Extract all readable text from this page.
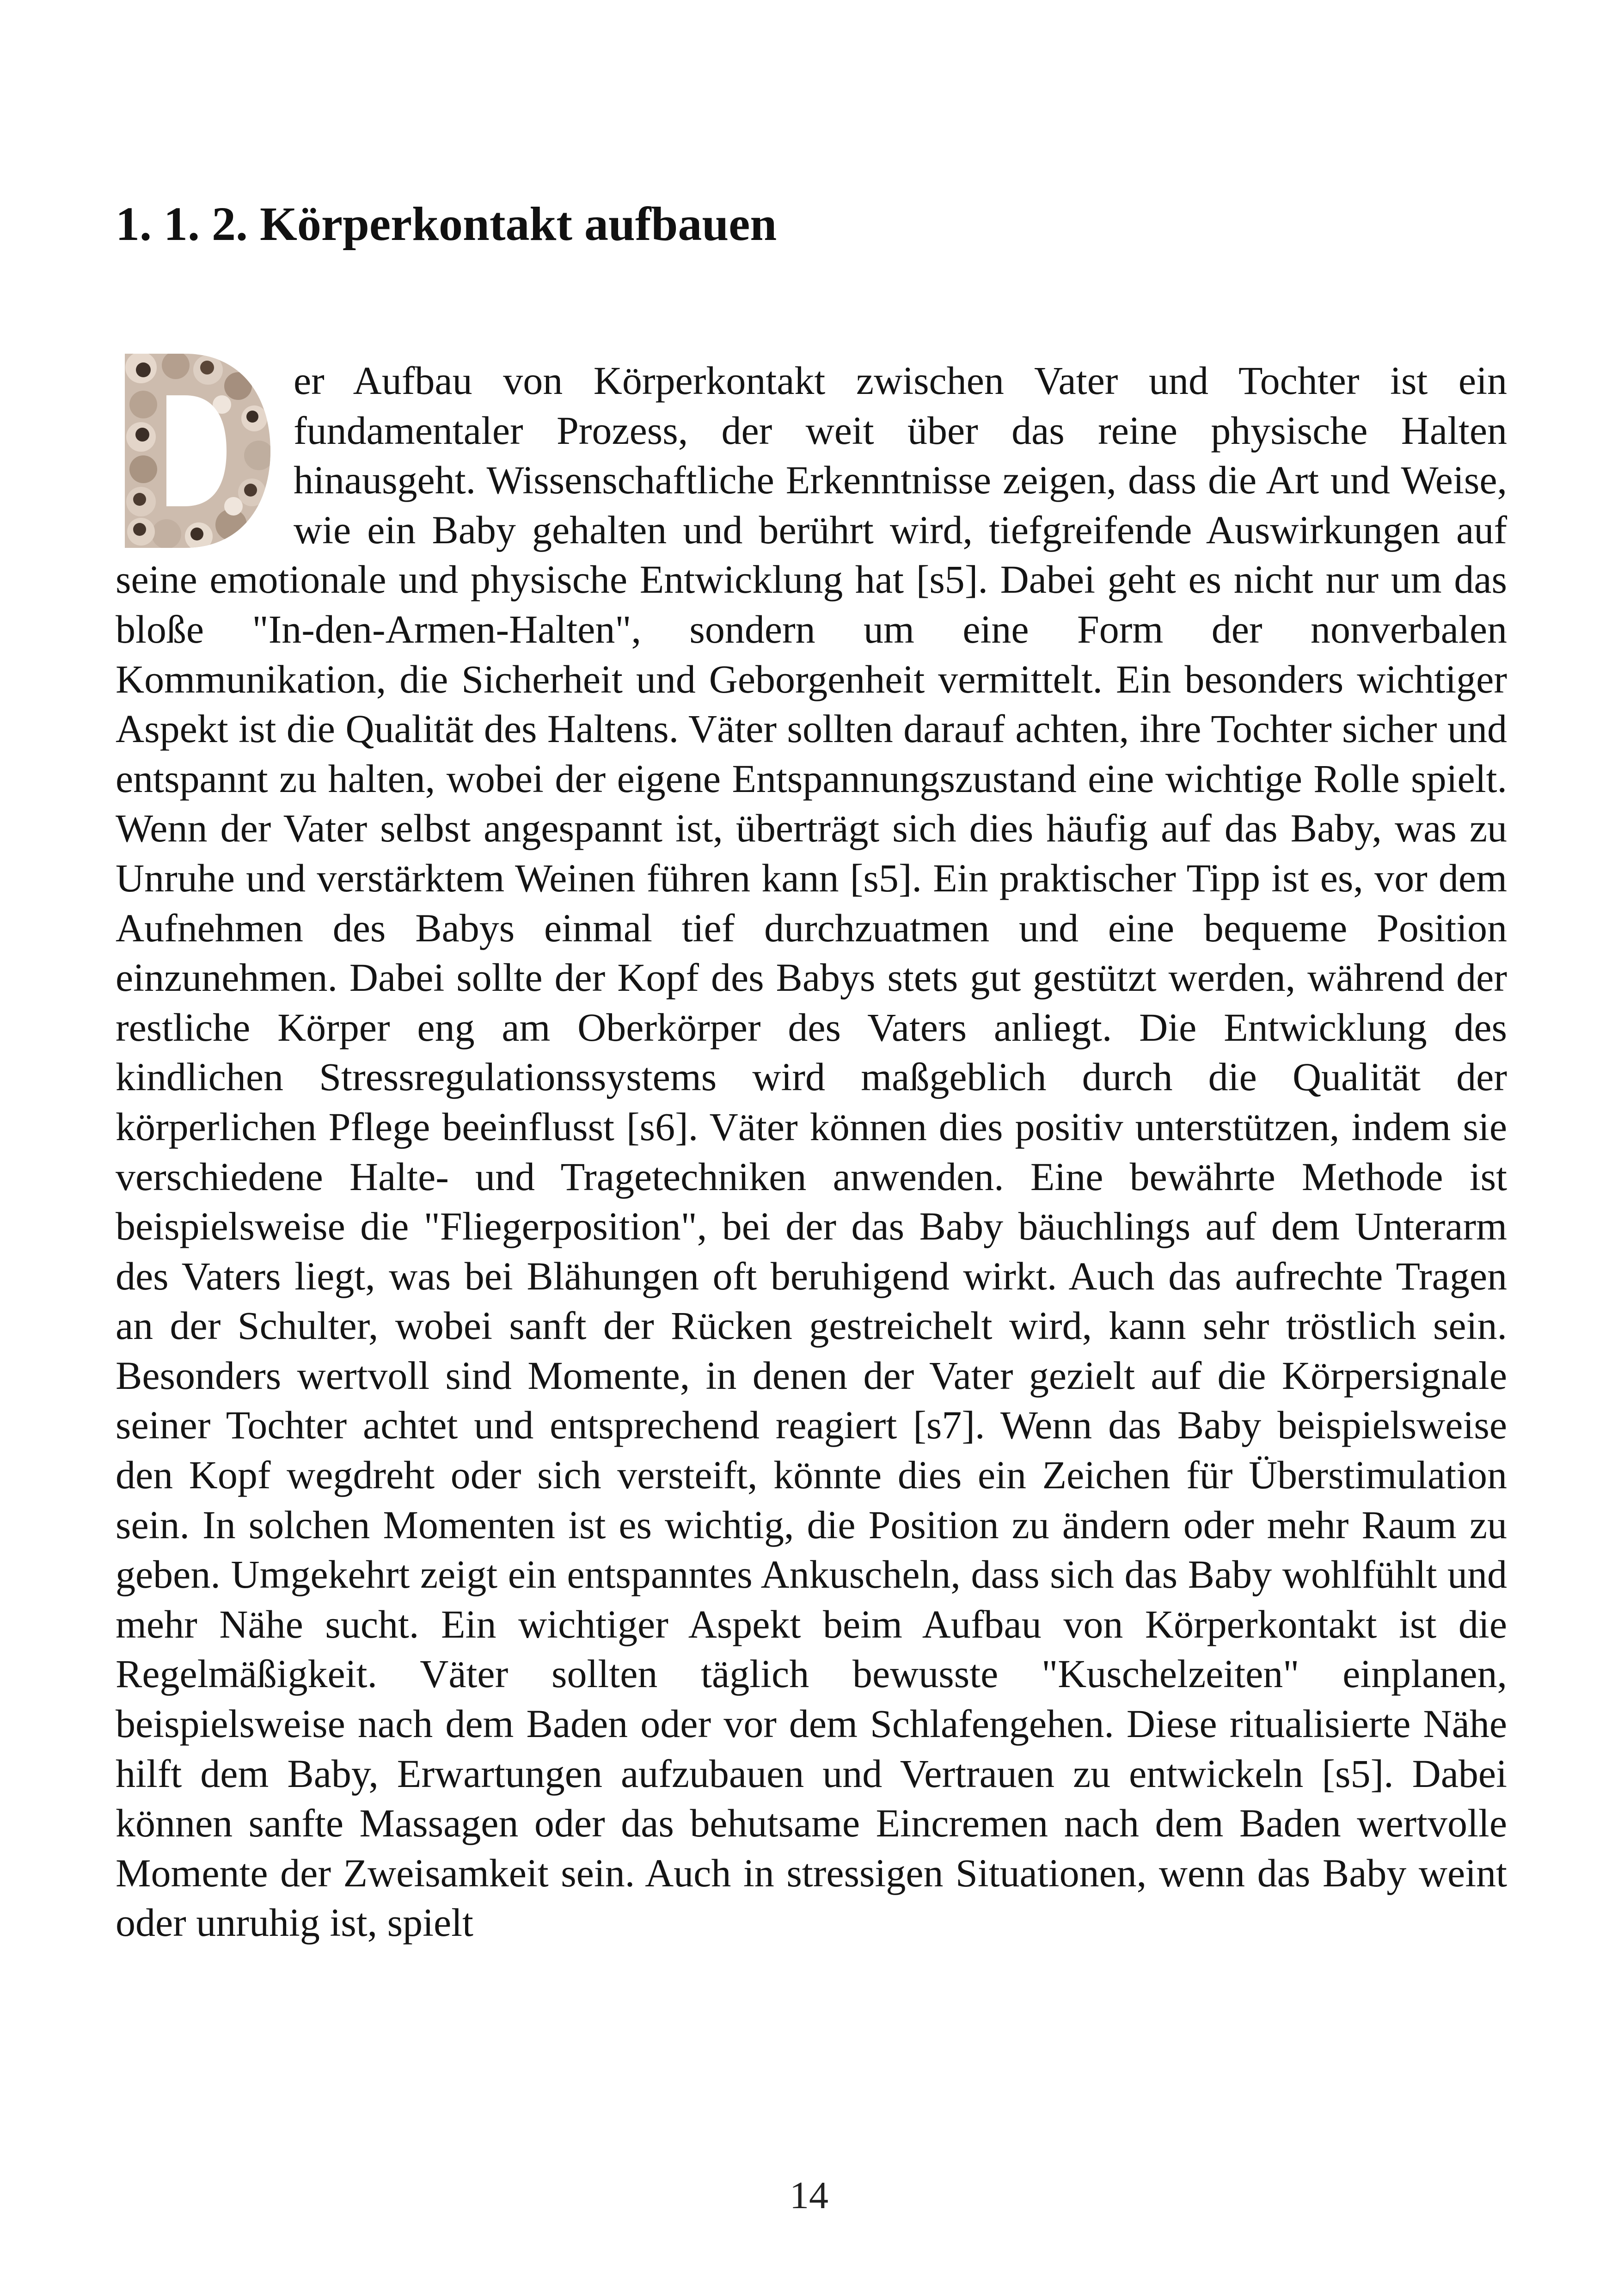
1. 1. 2. Körperkontakt aufbauen
er Aufbau von Körperkontakt zwischen Vater und Tochter ist ein fundamentaler Prozess, der weit über das reine physische Halten hinausgeht. Wissenschaftliche Erkenntnisse zeigen, dass die Art und Weise, wie ein Baby gehalten und berührt wird, tiefgreifende Auswirkungen auf seine emotionale und physische Entwicklung hat [s5]. Dabei geht es nicht nur um das bloße "In-den-Armen-Halten", sondern um eine Form der nonverbalen Kommunikation, die Sicherheit und Geborgenheit vermittelt. Ein besonders wichtiger Aspekt ist die Qualität des Haltens. Väter sollten darauf achten, ihre Tochter sicher und entspannt zu halten, wobei der eigene Entspannungszustand eine wichtige Rolle spielt. Wenn der Vater selbst angespannt ist, überträgt sich dies häufig auf das Baby, was zu Unruhe und verstärktem Weinen führen kann [s5]. Ein praktischer Tipp ist es, vor dem Aufnehmen des Babys einmal tief durchzuatmen und eine bequeme Position einzunehmen. Dabei sollte der Kopf des Babys stets gut gestützt werden, während der restliche Körper eng am Oberkörper des Vaters anliegt. Die Entwicklung des kindlichen Stressregulationssystems wird maßgeblich durch die Qualität der körperlichen Pflege beeinflusst [s6]. Väter können dies positiv unterstützen, indem sie verschiedene Halte- und Tragetechniken anwenden. Eine bewährte Methode ist beispielsweise die "Fliegerposition", bei der das Baby bäuchlings auf dem Unterarm des Vaters liegt, was bei Blähungen oft beruhigend wirkt. Auch das aufrechte Tragen an der Schulter, wobei sanft der Rücken gestreichelt wird, kann sehr tröstlich sein. Besonders wertvoll sind Momente, in denen der Vater gezielt auf die Körpersignale seiner Tochter achtet und entsprechend reagiert [s7]. Wenn das Baby beispielsweise den Kopf wegdreht oder sich versteift, könnte dies ein Zeichen für Überstimulation sein. In solchen Momenten ist es wichtig, die Position zu ändern oder mehr Raum zu geben. Umgekehrt zeigt ein entspanntes Ankuscheln, dass sich das Baby wohlfühlt und mehr Nähe sucht. Ein wichtiger Aspekt beim Aufbau von Körperkontakt ist die Regelmäßigkeit. Väter sollten täglich bewusste "Kuschelzeiten" einplanen, beispielsweise nach dem Baden oder vor dem Schlafengehen. Diese ritualisierte Nähe hilft dem Baby, Erwartungen aufzubauen und Vertrauen zu entwickeln [s5]. Dabei können sanfte Massagen oder das behutsame Eincremen nach dem Baden wertvolle Momente der Zweisamkeit sein. Auch in stressigen Situationen, wenn das Baby weint oder unruhig ist, spielt
14
